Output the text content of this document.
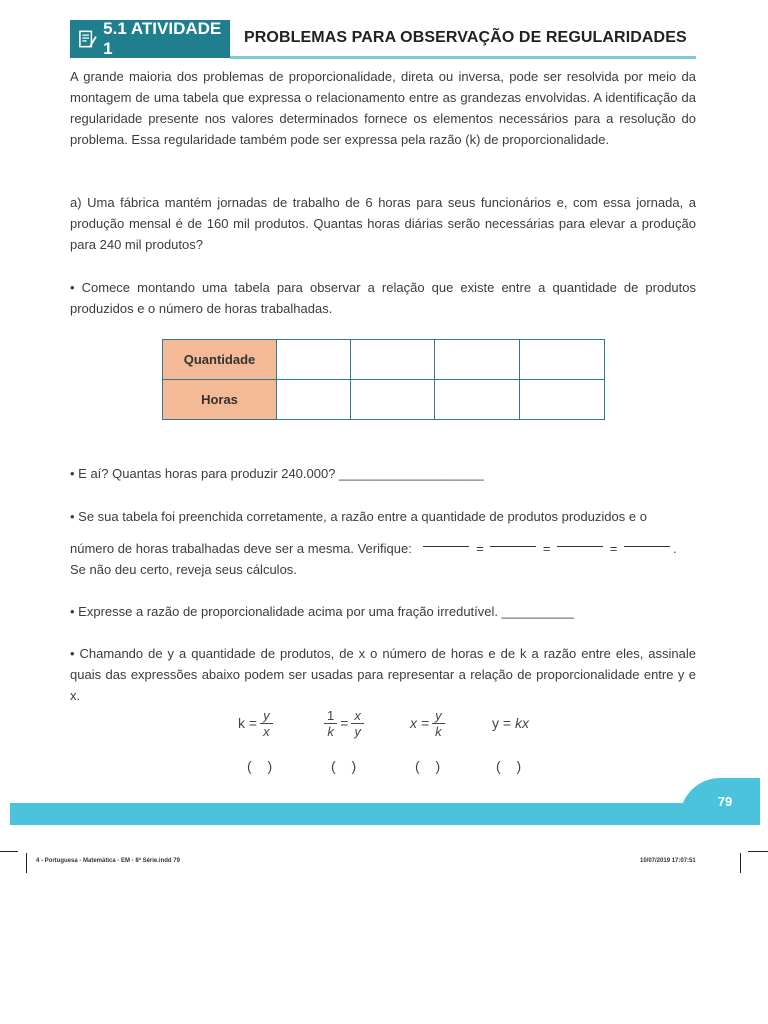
5.1 ATIVIDADE 1
PROBLEMAS PARA OBSERVAÇÃO DE REGULARIDADES
A grande maioria dos problemas de proporcionalidade, direta ou inversa, pode ser resolvida por meio da montagem de uma tabela que expressa o relacionamento entre as grandezas envolvidas. A identificação da regularidade presente nos valores determinados fornece os elementos necessários para a resolução do problema. Essa regularidade também pode ser expressa pela razão (k) de proporcionalidade.
a) Uma fábrica mantém jornadas de trabalho de 6 horas para seus funcionários e, com essa jornada, a produção mensal é de 160 mil produtos. Quantas horas diárias serão necessárias para elevar a produção para 240 mil produtos?
• Comece montando uma tabela para observar a relação que existe entre a quantidade de produtos produzidos e o número de horas trabalhadas.
Quantidade				
Horas				
• E aí? Quantas horas para produzir 240.000? ____________________
• Se sua tabela foi preenchida corretamente, a razão entre a quantidade de produtos produzidos e o
número de horas trabalhadas deve ser a mesma. Verifique:	=	=	=	.
Se não deu certo, reveja seus cálculos.
• Expresse a razão de proporcionalidade acima por uma fração irredutível. __________
• Chamando de y a quantidade de produtos, de x o número de horas e de k a razão entre eles, assinale quais das expressões abaixo podem ser usadas para representar a relação de proporcionalidade entre y e x.
$k = \frac{y}{x}$	$\frac{1}{k} = \frac{x}{y}$	$x = \frac{y}{k}$	y =
kx
( )	( )	( )	( )
79
4 - Portuguesa - Matemática - EM - 8ª Série.indd 79	10/07/2019 17:07:51
